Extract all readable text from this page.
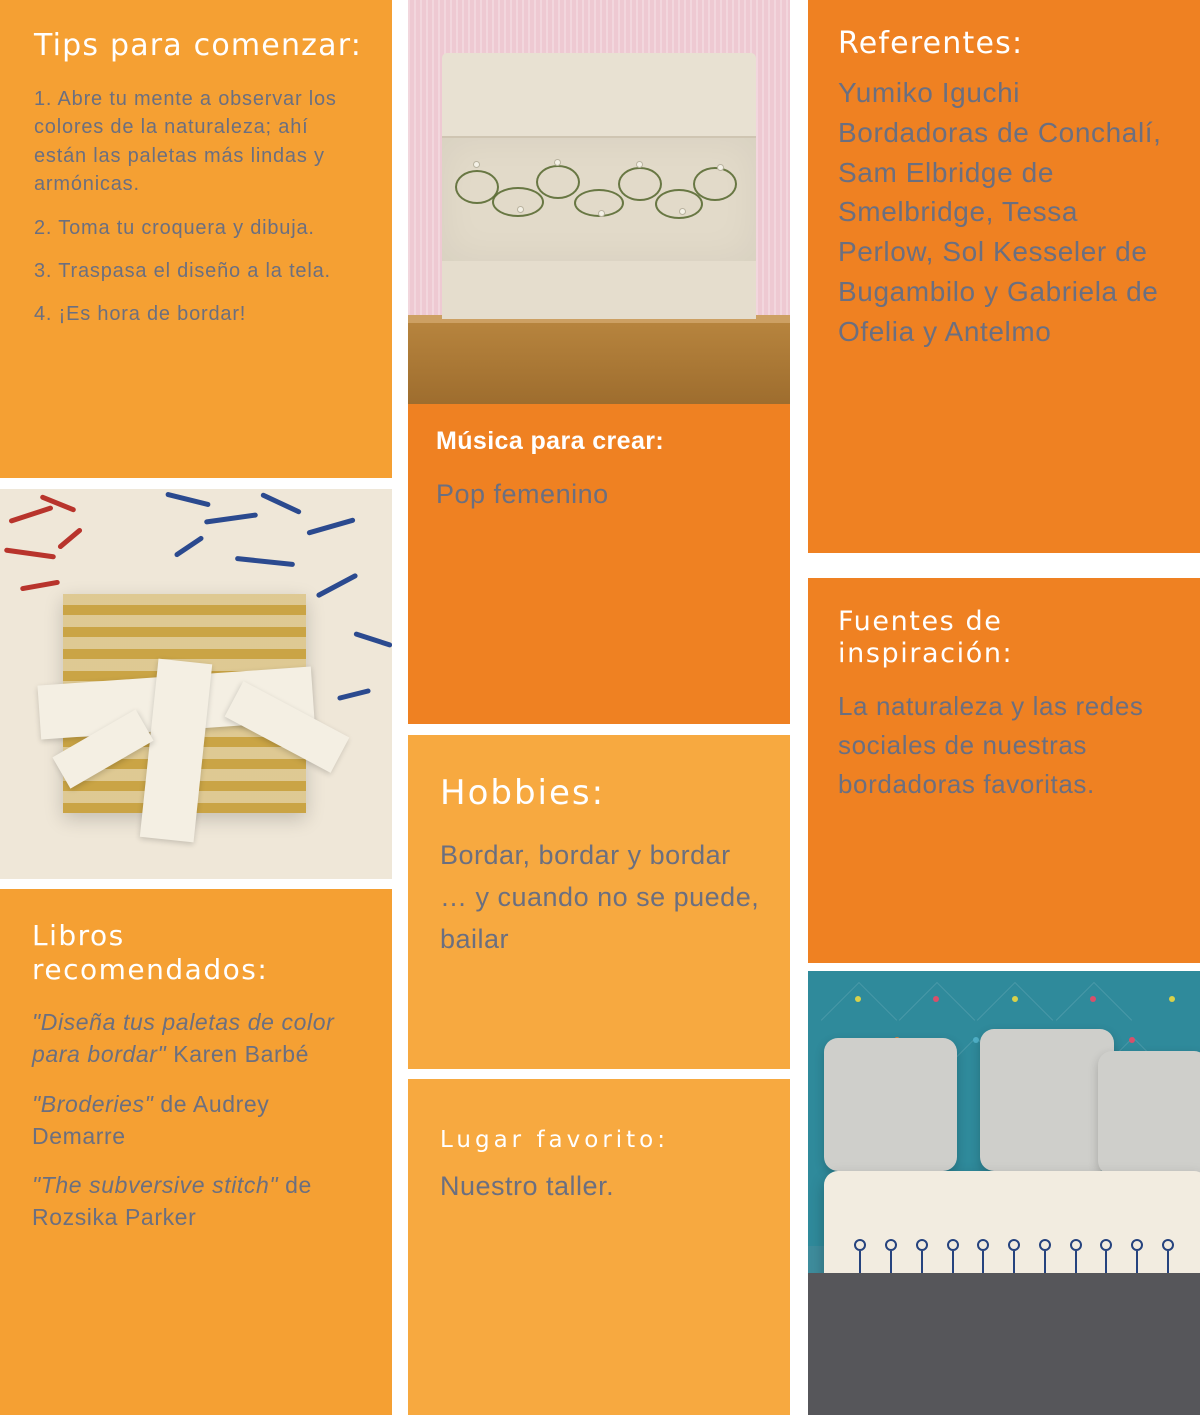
Tips para comenzar:
1. Abre tu mente a observar los colores de la naturaleza; ahí están las paletas más lindas y armónicas.
2. Toma tu croquera y dibuja.
3. Traspasa el diseño a la tela.
4. ¡Es hora de bordar!
Libros recomendados:
"Diseña tus paletas de color para bordar" Karen Barbé
"Broderies" de Audrey Demarre
"The subversive stitch" de Rozsika Parker
Música para crear:
Pop femenino
Hobbies:
Bordar, bordar y bordar … y cuando no se puede, bailar
Lugar favorito:
Nuestro taller.
Referentes:
Yumiko Iguchi Bordadoras de Conchalí, Sam Elbridge de Smelbridge, Tessa Perlow, Sol Kesseler de Bugambilo y Gabriela de Ofelia y Antelmo
Fuentes de inspiración:
La naturaleza y las redes sociales de nuestras bordadoras favoritas.
